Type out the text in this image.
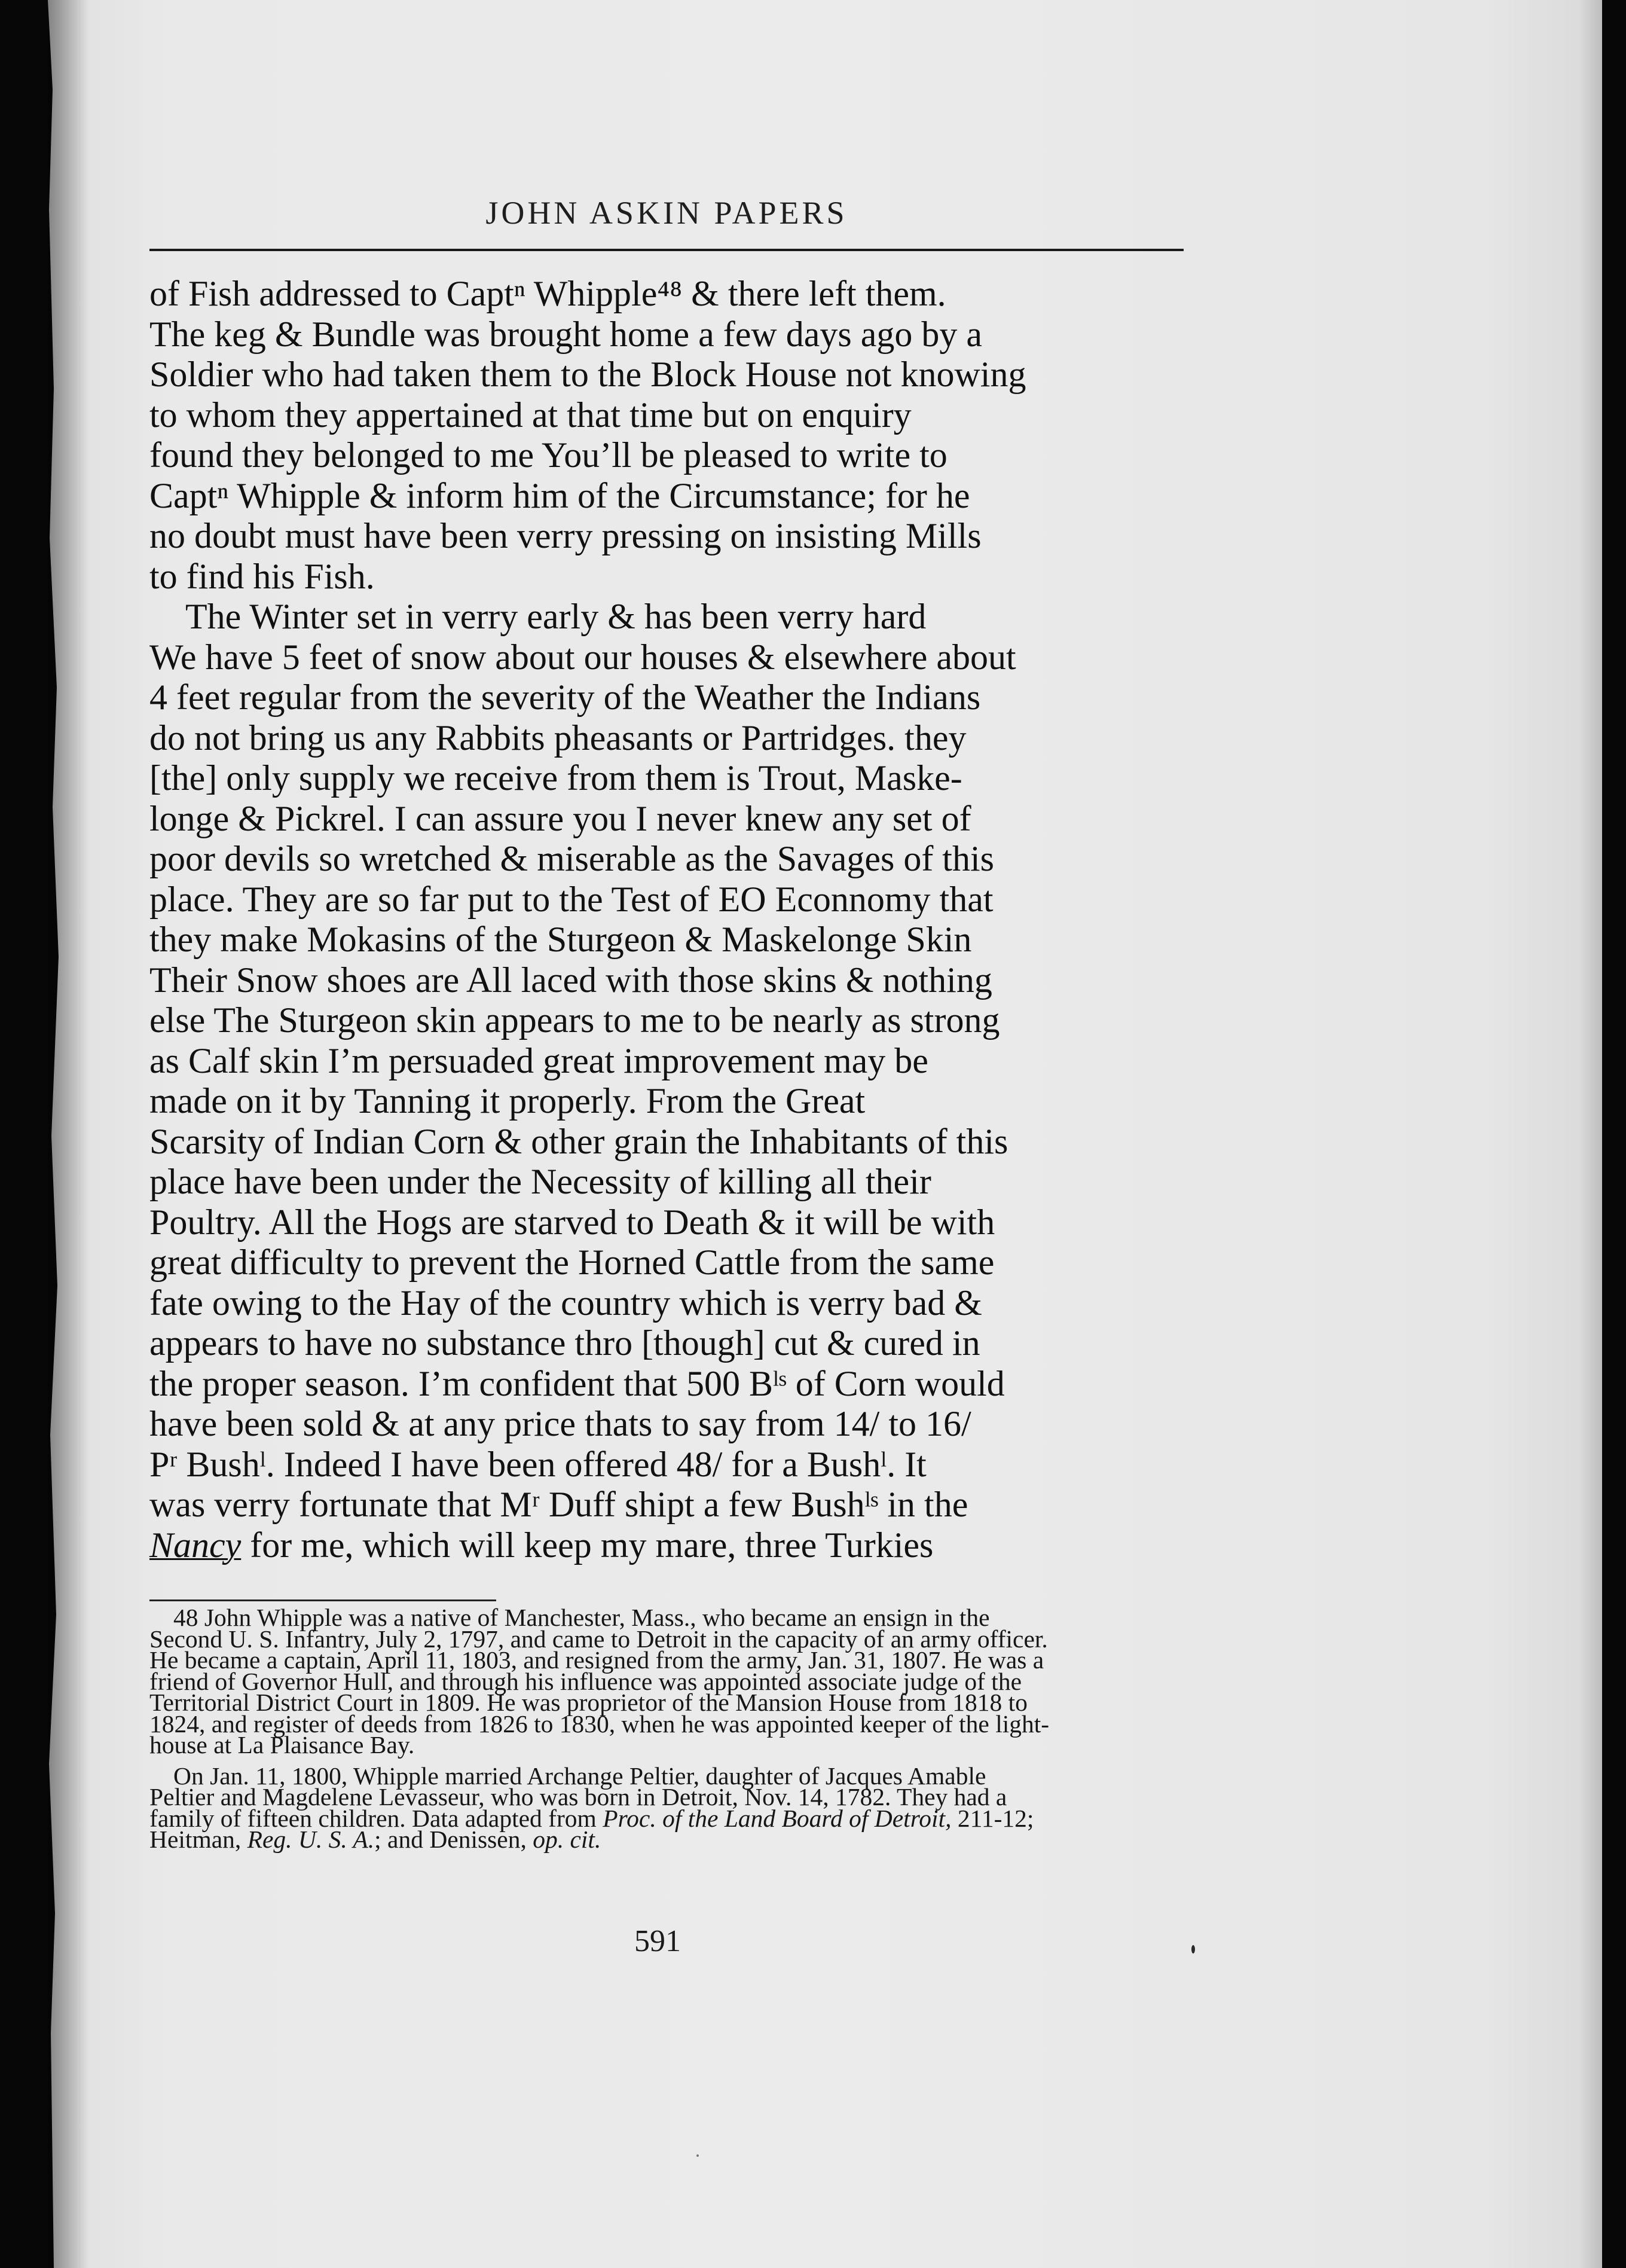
JOHN ASKIN PAPERS
of Fish addressed to Captⁿ Whipple⁴⁸ & there left them.
The keg & Bundle was brought home a few days ago by a
Soldier who had taken them to the Block House not knowing
to whom they appertained at that time but on enquiry
found they belonged to me You’ll be pleased to write to
Captⁿ Whipple & inform him of the Circumstance; for he
no doubt must have been verry pressing on insisting Mills
to find his Fish.
The Winter set in verry early & has been verry hard
We have 5 feet of snow about our houses & elsewhere about
4 feet regular from the severity of the Weather the Indians
do not bring us any Rabbits pheasants or Partridges. they
[the] only supply we receive from them is Trout, Maske-
longe & Pickrel. I can assure you I never knew any set of
poor devils so wretched & miserable as the Savages of this
place. They are so far put to the Test of EO Econnomy that
they make Mokasins of the Sturgeon & Maskelonge Skin
Their Snow shoes are All laced with those skins & nothing
else The Sturgeon skin appears to me to be nearly as strong
as Calf skin I’m persuaded great improvement may be
made on it by Tanning it properly. From the Great
Scarsity of Indian Corn & other grain the Inhabitants of this
place have been under the Necessity of killing all their
Poultry. All the Hogs are starved to Death & it will be with
great difficulty to prevent the Horned Cattle from the same
fate owing to the Hay of the country which is verry bad &
appears to have no substance thro [though] cut & cured in
the proper season. I’m confident that 500 Bˡˢ of Corn would
have been sold & at any price thats to say from 14/ to 16/
Pʳ Bushˡ. Indeed I have been offered 48/ for a Bushˡ. It
was verry fortunate that Mʳ Duff shipt a few Bushˡˢ in the
Nancy for me, which will keep my mare, three Turkies
48 John Whipple was a native of Manchester, Mass., who became an ensign in the
Second U. S. Infantry, July 2, 1797, and came to Detroit in the capacity of an army officer.
He became a captain, April 11, 1803, and resigned from the army, Jan. 31, 1807. He was a
friend of Governor Hull, and through his influence was appointed associate judge of the
Territorial District Court in 1809. He was proprietor of the Mansion House from 1818 to
1824, and register of deeds from 1826 to 1830, when he was appointed keeper of the light-
house at La Plaisance Bay.
On Jan. 11, 1800, Whipple married Archange Peltier, daughter of Jacques Amable
Peltier and Magdelene Levasseur, who was born in Detroit, Nov. 14, 1782. They had a
family of fifteen children. Data adapted from Proc. of the Land Board of Detroit, 211-12;
Heitman, Reg. U. S. A.; and Denissen, op. cit.
591
